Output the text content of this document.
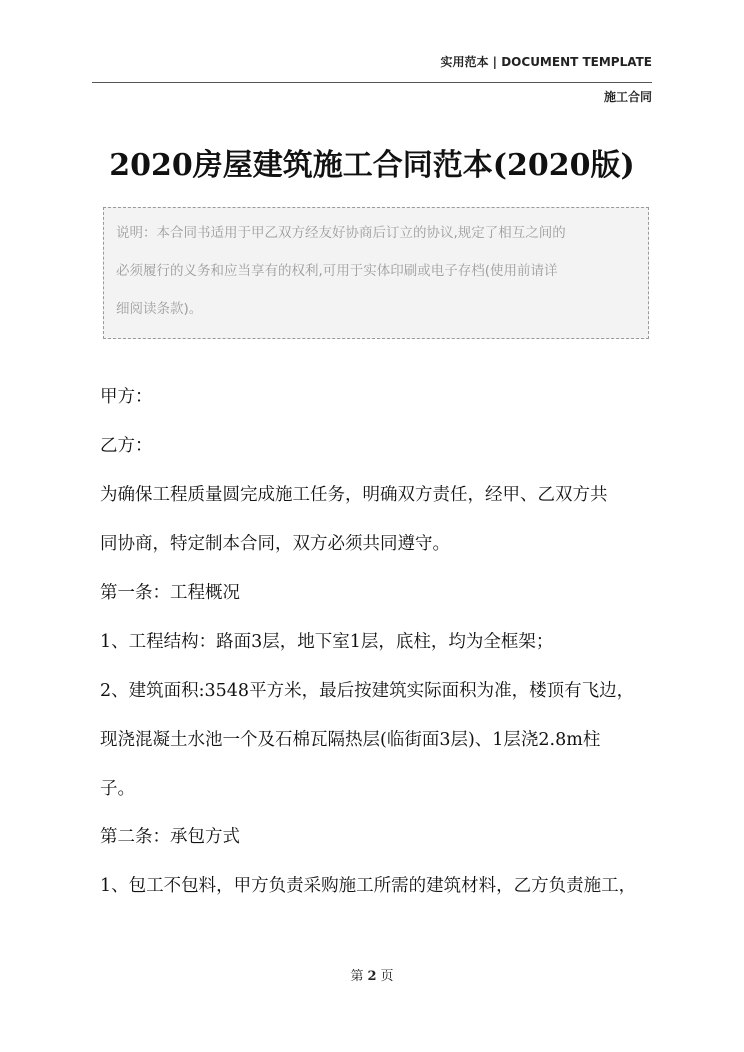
实用范本 | DOCUMENT TEMPLATE
施工合同
2020房屋建筑施工合同范本(2020版)
说明：本合同书适用于甲乙双方经友好协商后订立的协议,规定了相互之间的
必须履行的义务和应当享有的权利,可用于实体印刷或电子存档(使用前请详
细阅读条款)。
甲方：
乙方：
为确保工程质量圆完成施工任务，明确双方责任，经甲、乙双方共
同协商，特定制本合同，双方必须共同遵守。
第一条：工程概况
1、工程结构：路面3层，地下室1层，底柱，均为全框架；
2、建筑面积:3548平方米，最后按建筑实际面积为准，楼顶有飞边，
现浇混凝土水池一个及石棉瓦隔热层(临街面3层)、1层浇2.8m柱
子。
第二条：承包方式
1、包工不包料，甲方负责采购施工所需的建筑材料，乙方负责施工，
第 2 页
